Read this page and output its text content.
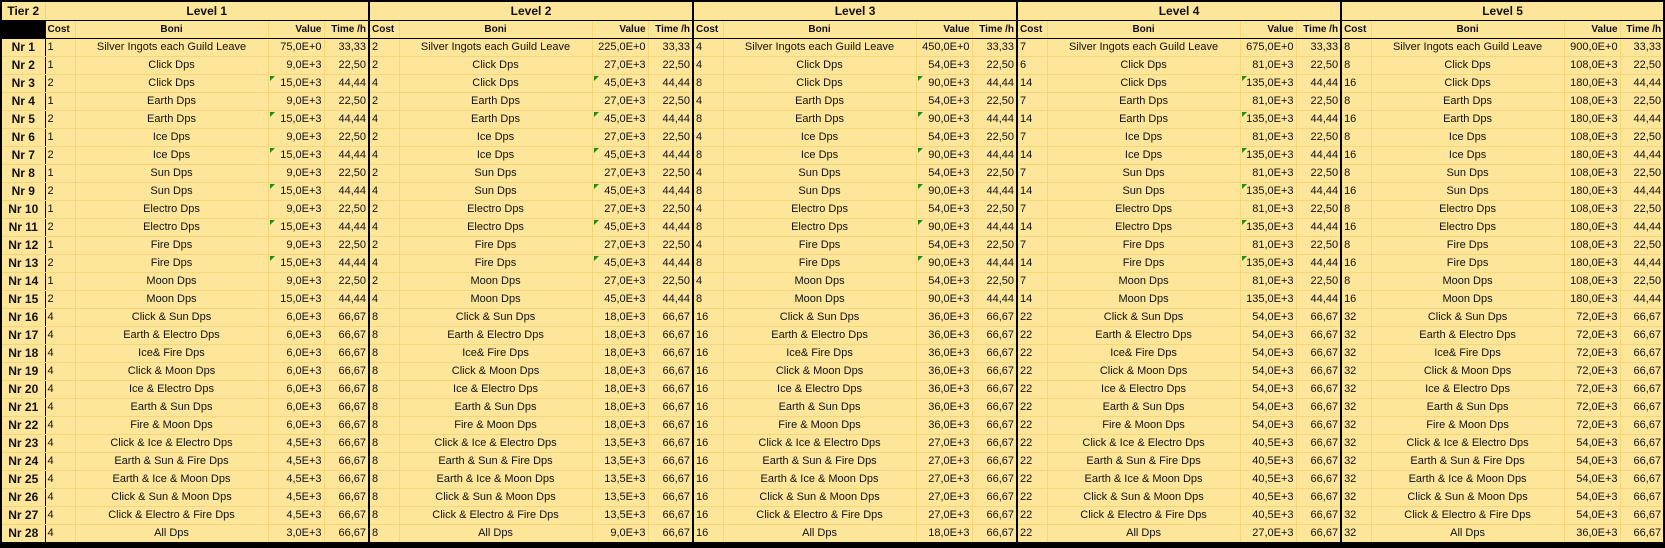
Tier 2	Level 1				Level 2				Level 3				Level 4				Level 5			
	Cost	Boni	Value	Time /h	Cost	Boni	Value	Time /h	Cost	Boni	Value	Time /h	Cost	Boni	Value	Time /h	Cost	Boni	Value	Time /h
Nr 1	1	Silver Ingots each Guild Leave	75,0E+0	33,33	2	Silver Ingots each Guild Leave	225,0E+0	33,33	4	Silver Ingots each Guild Leave	450,0E+0	33,33	7	Silver Ingots each Guild Leave	675,0E+0	33,33	8	Silver Ingots each Guild Leave	900,0E+0	33,33
Nr 2	1	Click Dps	9,0E+3	22,50	2	Click Dps	27,0E+3	22,50	4	Click Dps	54,0E+3	22,50	6	Click Dps	81,0E+3	22,50	8	Click Dps	108,0E+3	22,50
Nr 3	2	Click Dps	15,0E+3	44,44	4	Click Dps	45,0E+3	44,44	8	Click Dps	90,0E+3	44,44	14	Click Dps	135,0E+3	44,44	16	Click Dps	180,0E+3	44,44
Nr 4	1	Earth Dps	9,0E+3	22,50	2	Earth Dps	27,0E+3	22,50	4	Earth Dps	54,0E+3	22,50	7	Earth Dps	81,0E+3	22,50	8	Earth Dps	108,0E+3	22,50
Nr 5	2	Earth Dps	15,0E+3	44,44	4	Earth Dps	45,0E+3	44,44	8	Earth Dps	90,0E+3	44,44	14	Earth Dps	135,0E+3	44,44	16	Earth Dps	180,0E+3	44,44
Nr 6	1	Ice Dps	9,0E+3	22,50	2	Ice Dps	27,0E+3	22,50	4	Ice Dps	54,0E+3	22,50	7	Ice Dps	81,0E+3	22,50	8	Ice Dps	108,0E+3	22,50
Nr 7	2	Ice Dps	15,0E+3	44,44	4	Ice Dps	45,0E+3	44,44	8	Ice Dps	90,0E+3	44,44	14	Ice Dps	135,0E+3	44,44	16	Ice Dps	180,0E+3	44,44
Nr 8	1	Sun Dps	9,0E+3	22,50	2	Sun Dps	27,0E+3	22,50	4	Sun Dps	54,0E+3	22,50	7	Sun Dps	81,0E+3	22,50	8	Sun Dps	108,0E+3	22,50
Nr 9	2	Sun Dps	15,0E+3	44,44	4	Sun Dps	45,0E+3	44,44	8	Sun Dps	90,0E+3	44,44	14	Sun Dps	135,0E+3	44,44	16	Sun Dps	180,0E+3	44,44
Nr 10	1	Electro Dps	9,0E+3	22,50	2	Electro Dps	27,0E+3	22,50	4	Electro Dps	54,0E+3	22,50	7	Electro Dps	81,0E+3	22,50	8	Electro Dps	108,0E+3	22,50
Nr 11	2	Electro Dps	15,0E+3	44,44	4	Electro Dps	45,0E+3	44,44	8	Electro Dps	90,0E+3	44,44	14	Electro Dps	135,0E+3	44,44	16	Electro Dps	180,0E+3	44,44
Nr 12	1	Fire Dps	9,0E+3	22,50	2	Fire Dps	27,0E+3	22,50	4	Fire Dps	54,0E+3	22,50	7	Fire Dps	81,0E+3	22,50	8	Fire Dps	108,0E+3	22,50
Nr 13	2	Fire Dps	15,0E+3	44,44	4	Fire Dps	45,0E+3	44,44	8	Fire Dps	90,0E+3	44,44	14	Fire Dps	135,0E+3	44,44	16	Fire Dps	180,0E+3	44,44
Nr 14	1	Moon Dps	9,0E+3	22,50	2	Moon Dps	27,0E+3	22,50	4	Moon Dps	54,0E+3	22,50	7	Moon Dps	81,0E+3	22,50	8	Moon Dps	108,0E+3	22,50
Nr 15	2	Moon Dps	15,0E+3	44,44	4	Moon Dps	45,0E+3	44,44	8	Moon Dps	90,0E+3	44,44	14	Moon Dps	135,0E+3	44,44	16	Moon Dps	180,0E+3	44,44
Nr 16	4	Click & Sun Dps	6,0E+3	66,67	8	Click & Sun Dps	18,0E+3	66,67	16	Click & Sun Dps	36,0E+3	66,67	22	Click & Sun Dps	54,0E+3	66,67	32	Click & Sun Dps	72,0E+3	66,67
Nr 17	4	Earth & Electro Dps	6,0E+3	66,67	8	Earth & Electro Dps	18,0E+3	66,67	16	Earth & Electro Dps	36,0E+3	66,67	22	Earth & Electro Dps	54,0E+3	66,67	32	Earth & Electro Dps	72,0E+3	66,67
Nr 18	4	Ice& Fire Dps	6,0E+3	66,67	8	Ice& Fire Dps	18,0E+3	66,67	16	Ice& Fire Dps	36,0E+3	66,67	22	Ice& Fire Dps	54,0E+3	66,67	32	Ice& Fire Dps	72,0E+3	66,67
Nr 19	4	Click & Moon Dps	6,0E+3	66,67	8	Click & Moon Dps	18,0E+3	66,67	16	Click & Moon Dps	36,0E+3	66,67	22	Click & Moon Dps	54,0E+3	66,67	32	Click & Moon Dps	72,0E+3	66,67
Nr 20	4	Ice & Electro Dps	6,0E+3	66,67	8	Ice & Electro Dps	18,0E+3	66,67	16	Ice & Electro Dps	36,0E+3	66,67	22	Ice & Electro Dps	54,0E+3	66,67	32	Ice & Electro Dps	72,0E+3	66,67
Nr 21	4	Earth & Sun Dps	6,0E+3	66,67	8	Earth & Sun Dps	18,0E+3	66,67	16	Earth & Sun Dps	36,0E+3	66,67	22	Earth & Sun Dps	54,0E+3	66,67	32	Earth & Sun Dps	72,0E+3	66,67
Nr 22	4	Fire & Moon Dps	6,0E+3	66,67	8	Fire & Moon Dps	18,0E+3	66,67	16	Fire & Moon Dps	36,0E+3	66,67	22	Fire & Moon Dps	54,0E+3	66,67	32	Fire & Moon Dps	72,0E+3	66,67
Nr 23	4	Click & Ice & Electro Dps	4,5E+3	66,67	8	Click & Ice & Electro Dps	13,5E+3	66,67	16	Click & Ice & Electro Dps	27,0E+3	66,67	22	Click & Ice & Electro Dps	40,5E+3	66,67	32	Click & Ice & Electro Dps	54,0E+3	66,67
Nr 24	4	Earth & Sun & Fire Dps	4,5E+3	66,67	8	Earth & Sun & Fire Dps	13,5E+3	66,67	16	Earth & Sun & Fire Dps	27,0E+3	66,67	22	Earth & Sun & Fire Dps	40,5E+3	66,67	32	Earth & Sun & Fire Dps	54,0E+3	66,67
Nr 25	4	Earth & Ice & Moon Dps	4,5E+3	66,67	8	Earth & Ice & Moon Dps	13,5E+3	66,67	16	Earth & Ice & Moon Dps	27,0E+3	66,67	22	Earth & Ice & Moon Dps	40,5E+3	66,67	32	Earth & Ice & Moon Dps	54,0E+3	66,67
Nr 26	4	Click & Sun & Moon Dps	4,5E+3	66,67	8	Click & Sun & Moon Dps	13,5E+3	66,67	16	Click & Sun & Moon Dps	27,0E+3	66,67	22	Click & Sun & Moon Dps	40,5E+3	66,67	32	Click & Sun & Moon Dps	54,0E+3	66,67
Nr 27	4	Click & Electro & Fire Dps	4,5E+3	66,67	8	Click & Electro & Fire Dps	13,5E+3	66,67	16	Click & Electro & Fire Dps	27,0E+3	66,67	22	Click & Electro & Fire Dps	40,5E+3	66,67	32	Click & Electro & Fire Dps	54,0E+3	66,67
Nr 28	4	All Dps	3,0E+3	66,67	8	All Dps	9,0E+3	66,67	16	All Dps	18,0E+3	66,67	22	All Dps	27,0E+3	66,67	32	All Dps	36,0E+3	66,67
